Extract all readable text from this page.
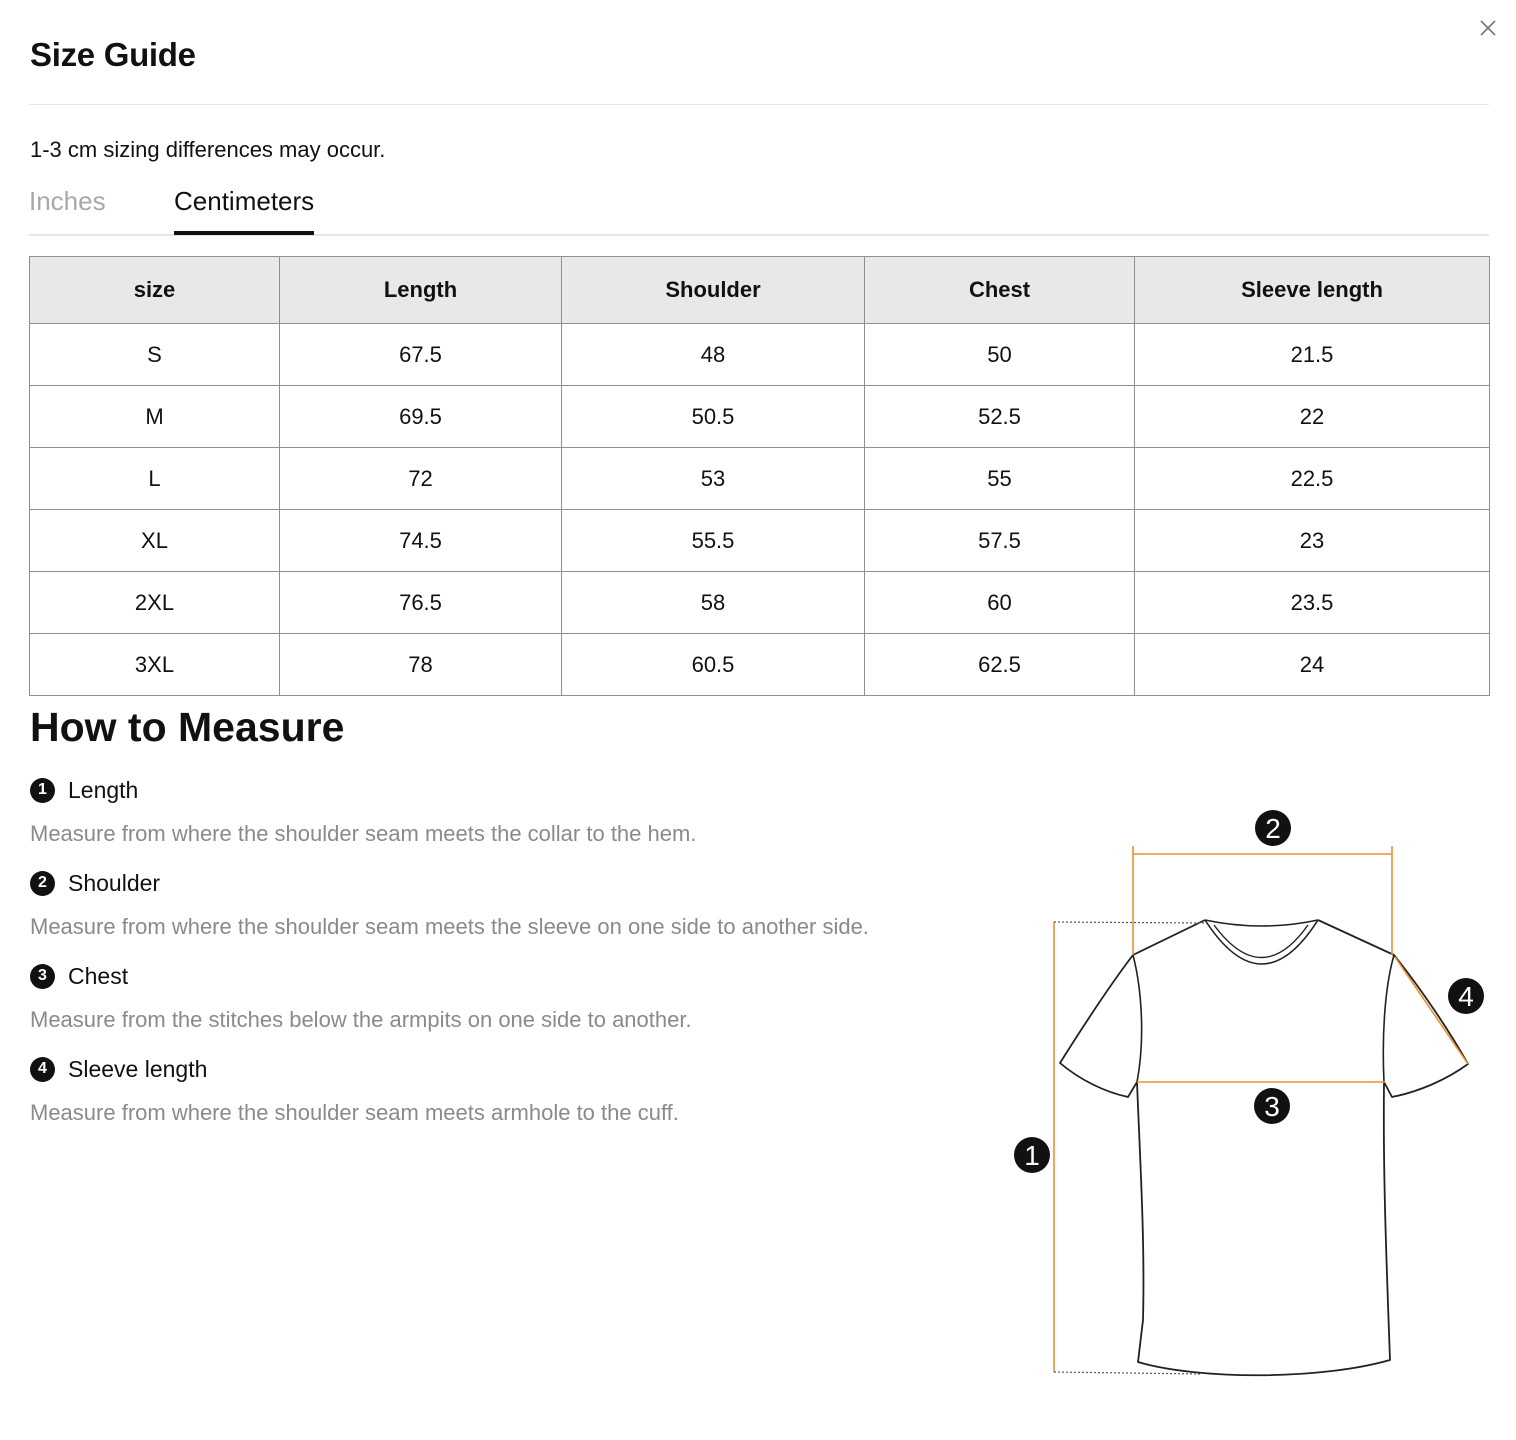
Size Guide
1-3 cm sizing differences may occur.
Inches	Centimeters
size	Length	Shoulder	Chest	Sleeve length
S	67.5	48	50	21.5
M	69.5	50.5	52.5	22
L	72	53	55	22.5
XL	74.5	55.5	57.5	23
2XL	76.5	58	60	23.5
3XL	78	60.5	62.5	24
How to Measure
1 Length
Measure from where the shoulder seam meets the collar to the hem.
2 Shoulder
Measure from where the shoulder seam meets the sleeve on one side to another side.
3 Chest
Measure from the stitches below the armpits on one side to another.
4 Sleeve length
Measure from where the shoulder seam meets armhole to the cuff.
1
2
3
4
